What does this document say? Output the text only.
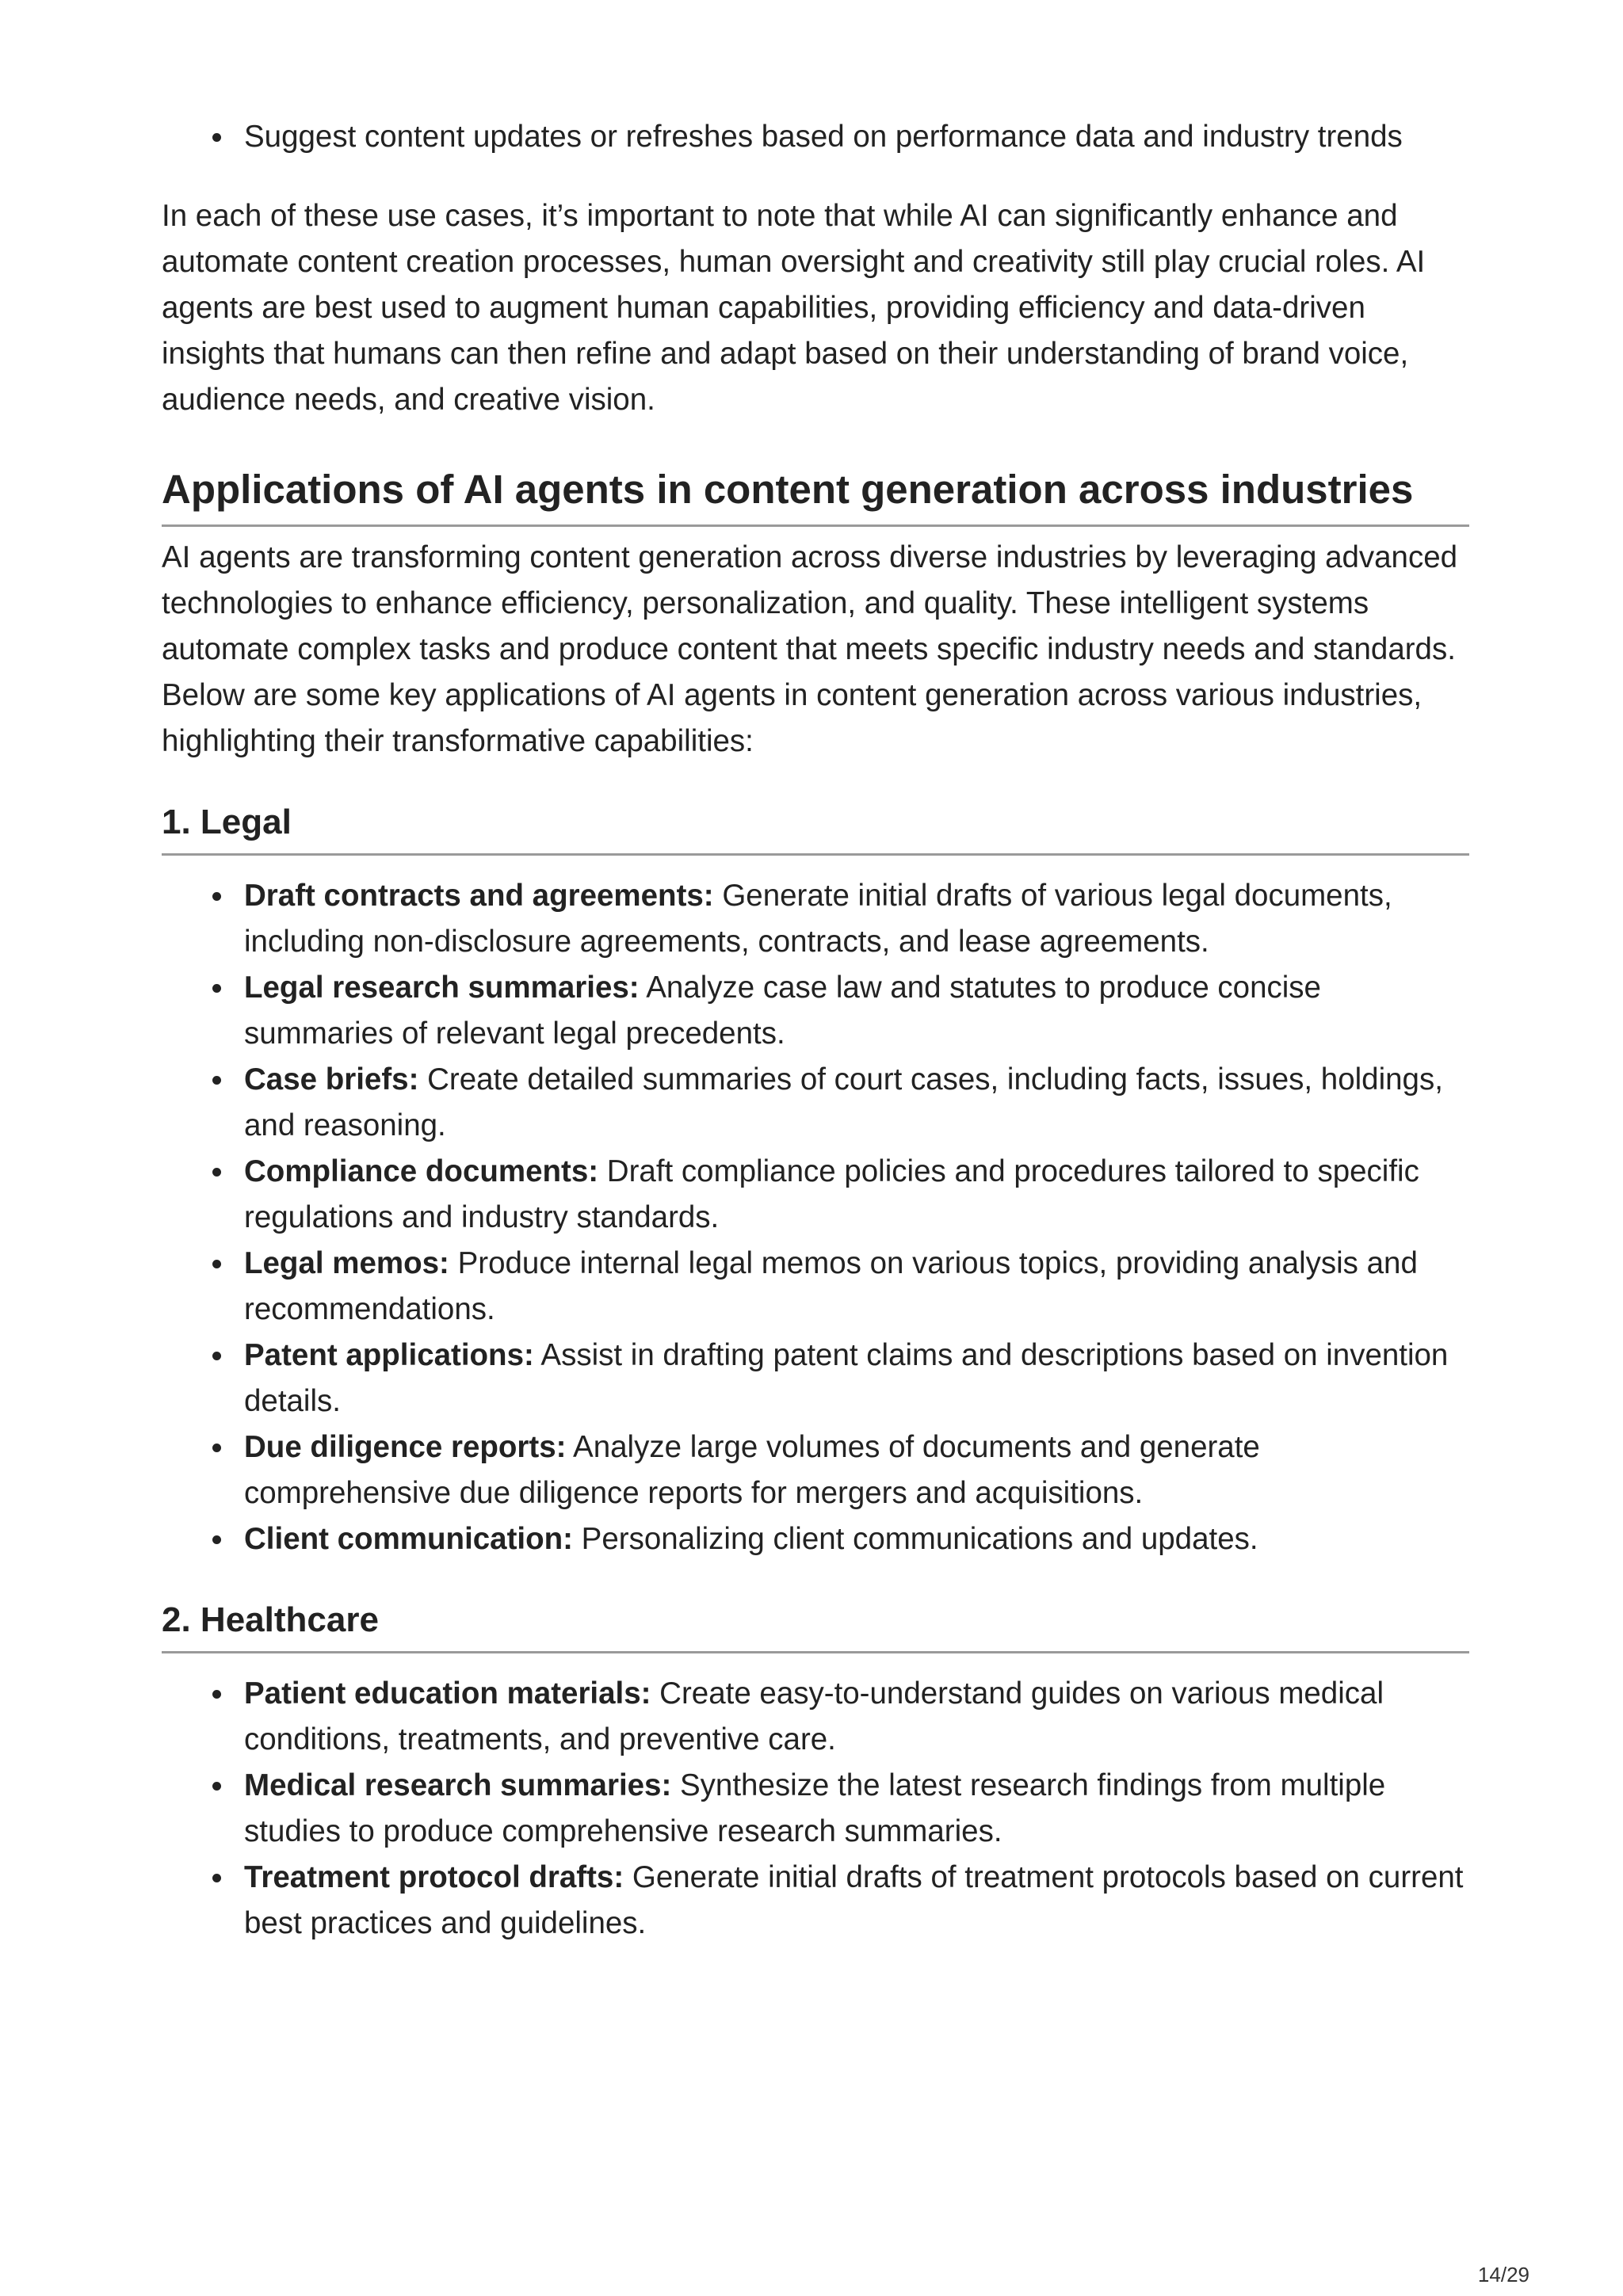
Suggest content updates or refreshes based on performance data and industry trends

In each of these use cases, it’s important to note that while AI can significantly enhance and automate content creation processes, human oversight and creativity still play crucial roles. AI agents are best used to augment human capabilities, providing efficiency and data-driven insights that humans can then refine and adapt based on their understanding of brand voice, audience needs, and creative vision.

Applications of AI agents in content generation across industries

AI agents are transforming content generation across diverse industries by leveraging advanced technologies to enhance efficiency, personalization, and quality. These intelligent systems automate complex tasks and produce content that meets specific industry needs and standards. Below are some key applications of AI agents in content generation across various industries, highlighting their transformative capabilities:

1. Legal
Draft contracts and agreements: Generate initial drafts of various legal documents, including non-disclosure agreements, contracts, and lease agreements.
Legal research summaries: Analyze case law and statutes to produce concise summaries of relevant legal precedents.
Case briefs: Create detailed summaries of court cases, including facts, issues, holdings, and reasoning.
Compliance documents: Draft compliance policies and procedures tailored to specific regulations and industry standards.
Legal memos: Produce internal legal memos on various topics, providing analysis and recommendations.
Patent applications: Assist in drafting patent claims and descriptions based on invention details.
Due diligence reports: Analyze large volumes of documents and generate comprehensive due diligence reports for mergers and acquisitions.
Client communication: Personalizing client communications and updates.
2. Healthcare
Patient education materials: Create easy-to-understand guides on various medical conditions, treatments, and preventive care.
Medical research summaries: Synthesize the latest research findings from multiple studies to produce comprehensive research summaries.
Treatment protocol drafts: Generate initial drafts of treatment protocols based on current best practices and guidelines.
14/29
